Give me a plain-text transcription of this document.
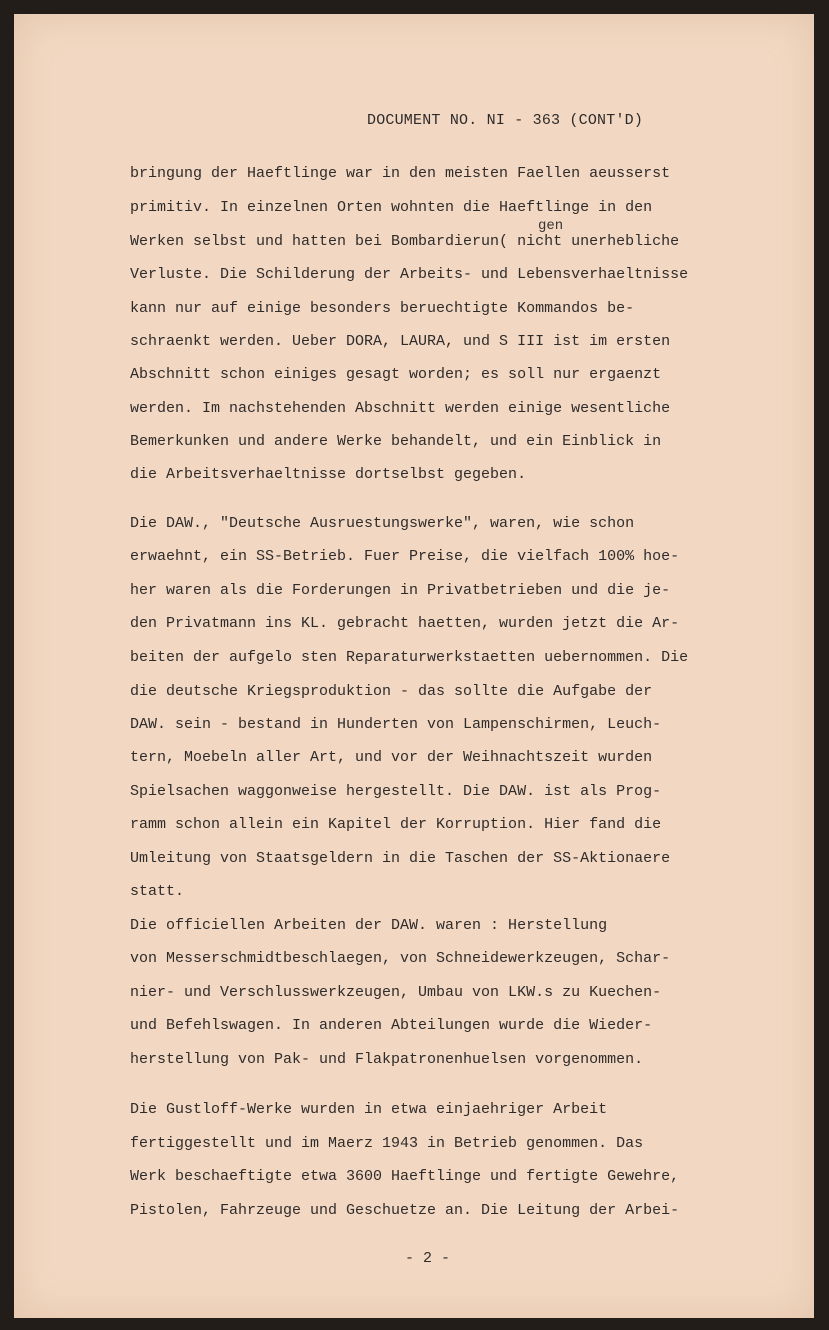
DOCUMENT NO. NI - 363 (CONT'D)
gen
bringung der Haeftlinge war in den meisten Faellen aeusserst
primitiv. In einzelnen Orten wohnten die Haeftlinge in den
Werken selbst und hatten bei Bombardierun( nicht unerhebliche
Verluste. Die Schilderung der Arbeits- und Lebensverhaeltnisse
kann nur auf einige besonders beruechtigte Kommandos be-
schraenkt werden. Ueber DORA, LAURA, und S III ist im ersten
Abschnitt schon einiges gesagt worden; es soll nur ergaenzt
werden. Im nachstehenden Abschnitt werden einige wesentliche
Bemerkunken und andere Werke behandelt, und ein Einblick in
die Arbeitsverhaeltnisse dortselbst gegeben.
Die DAW., "Deutsche Ausruestungswerke", waren, wie schon
erwaehnt, ein SS-Betrieb. Fuer Preise, die vielfach 100% hoe-
her waren als die Forderungen in Privatbetrieben und die je-
den Privatmann ins KL. gebracht haetten, wurden jetzt die Ar-
beiten der aufgelo sten Reparaturwerkstaetten uebernommen. Die
die deutsche Kriegsproduktion - das sollte die Aufgabe der
DAW. sein - bestand in Hunderten von Lampenschirmen, Leuch-
tern, Moebeln aller Art, und vor der Weihnachtszeit wurden
Spielsachen waggonweise hergestellt. Die DAW. ist als Prog-
ramm schon allein ein Kapitel der Korruption. Hier fand die
Umleitung von Staatsgeldern in die Taschen der SS-Aktionaere
statt.
Die officiellen Arbeiten der DAW. waren : Herstellung
von Messerschmidtbeschlaegen, von Schneidewerkzeugen, Schar-
nier- und Verschlusswerkzeugen, Umbau von LKW.s zu Kuechen-
und Befehlswagen. In anderen Abteilungen wurde die Wieder-
herstellung von Pak- und Flakpatronenhuelsen vorgenommen.
Die Gustloff-Werke wurden in etwa einjaehriger Arbeit
fertiggestellt und im Maerz 1943 in Betrieb genommen. Das
Werk beschaeftigte etwa 3600 Haeftlinge und fertigte Gewehre,
Pistolen, Fahrzeuge und Geschuetze an. Die Leitung der Arbei-
- 2 -
